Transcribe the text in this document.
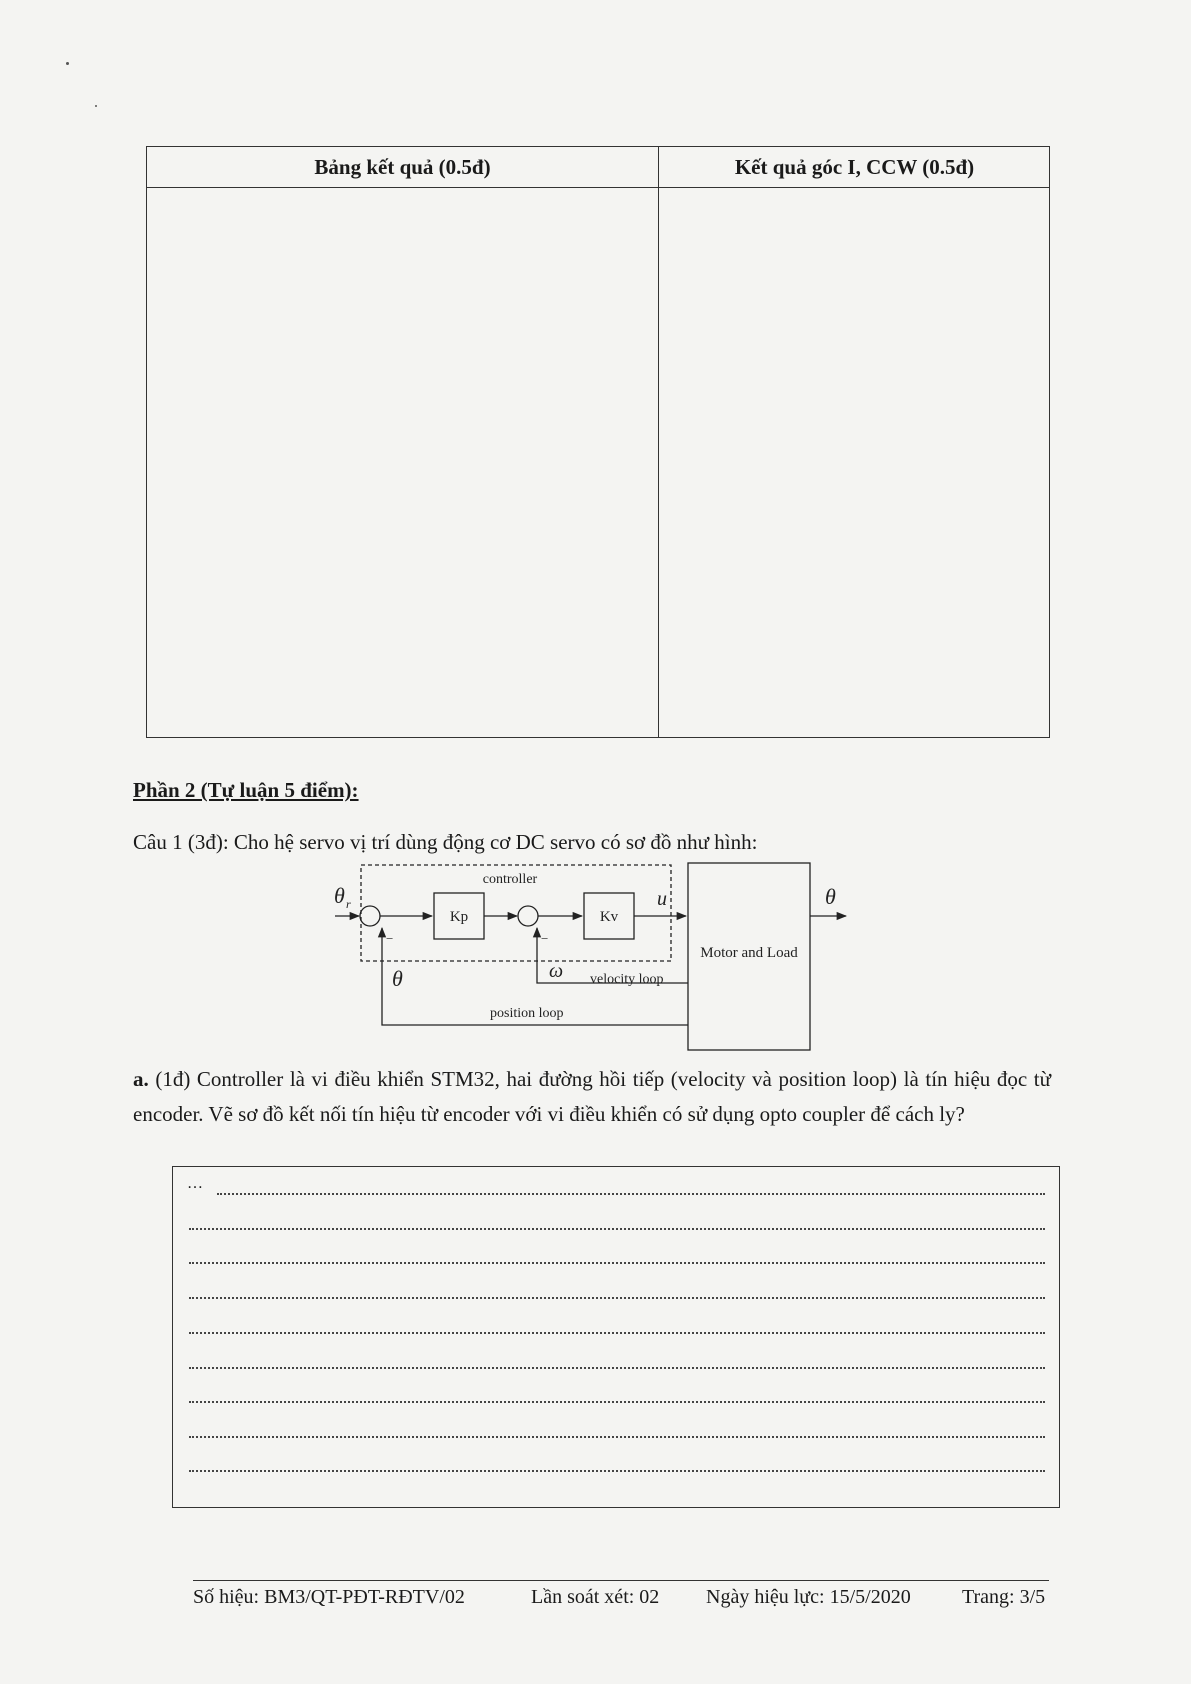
Bảng kết quả (0.5đ)	Kết quả góc I, CCW (0.5đ)
Phần 2 (Tự luận 5 điểm):
Câu 1 (3đ): Cho hệ servo vị trí dùng động cơ DC servo có sơ đồ như hình:
controller
θ r
Kp	Kv
u
Motor and Load
θ
θ	ω velocity loop
position loop
−	−
a. (1đ) Controller là vi điều khiển STM32, hai đường hồi tiếp (velocity và position loop) là tín hiệu đọc từ encoder. Vẽ sơ đồ kết nối tín hiệu từ encoder với vi điều khiển có sử dụng opto coupler để cách ly?
…
Số hiệu: BM3/QT-PĐT-RĐTV/02	Lần soát xét: 02 Ngày hiệu lực: 15/5/2020	Trang: 3/5
